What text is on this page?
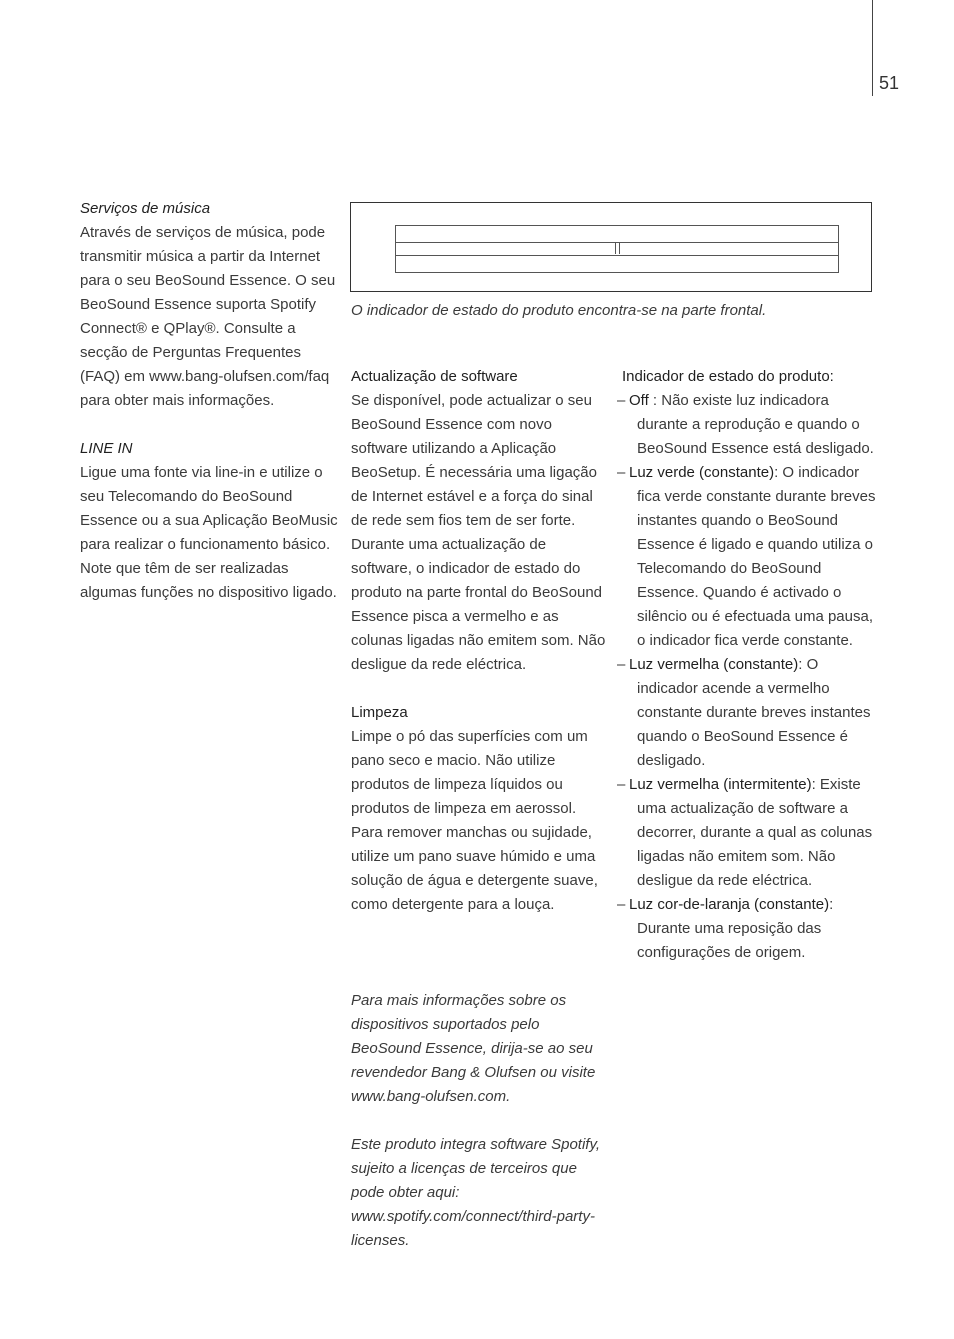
51

Serviços de música

Através de serviços de música, pode transmitir música a partir da Internet para o seu BeoSound Essence. O seu BeoSound Essence suporta Spotify Connect® e QPlay®. Consulte a secção de Perguntas Frequentes (FAQ) em www.bang-olufsen.com/faq para obter mais informações.

LINE IN

Ligue uma fonte via line-in e utilize o seu Telecomando do BeoSound Essence ou a sua Aplicação BeoMusic para realizar o funcionamento básico. Note que têm de ser realizadas algumas funções no dispositivo ligado.

O indicador de estado do produto encontra-se na parte frontal.

Actualização de software

Se disponível, pode actualizar o seu BeoSound Essence com novo software utilizando a Aplicação BeoSetup. É necessária uma ligação de Internet estável e a força do sinal de rede sem fios tem de ser forte. Durante uma actualização de software, o indicador de estado do produto na parte frontal do BeoSound Essence pisca a vermelho e as colunas ligadas não emitem som. Não desligue da rede eléctrica.

Limpeza

Limpe o pó das superfícies com um pano seco e macio. Não utilize produtos de limpeza líquidos ou produtos de limpeza em aerossol. Para remover manchas ou sujidade, utilize um pano suave húmido e uma solução de água e detergente suave, como detergente para a louça.

Para mais informações sobre os dispositivos suportados pelo BeoSound Essence, dirija-se ao seu revendedor Bang & Olufsen ou visite www.bang-olufsen.com.

Este produto integra software Spotify, sujeito a licenças de terceiros que pode obter aqui: www.spotify.com/connect/third-party-licenses.

Indicador de estado do produto:

– Off : Não existe luz indicadora durante a reprodução e quando o BeoSound Essence está desligado.
– Luz verde (constante): O indicador fica verde constante durante breves instantes quando o BeoSound Essence é ligado e quando utiliza o Telecomando do BeoSound Essence. Quando é activado o silêncio ou é efectuada uma pausa, o indicador fica verde constante.
– Luz vermelha (constante): O indicador acende a vermelho constante durante breves instantes quando o BeoSound Essence é desligado.
– Luz vermelha (intermitente): Existe uma actualização de software a decorrer, durante a qual as colunas ligadas não emitem som. Não desligue da rede eléctrica.
– Luz cor-de-laranja (constante): Durante uma reposição das configurações de origem.
